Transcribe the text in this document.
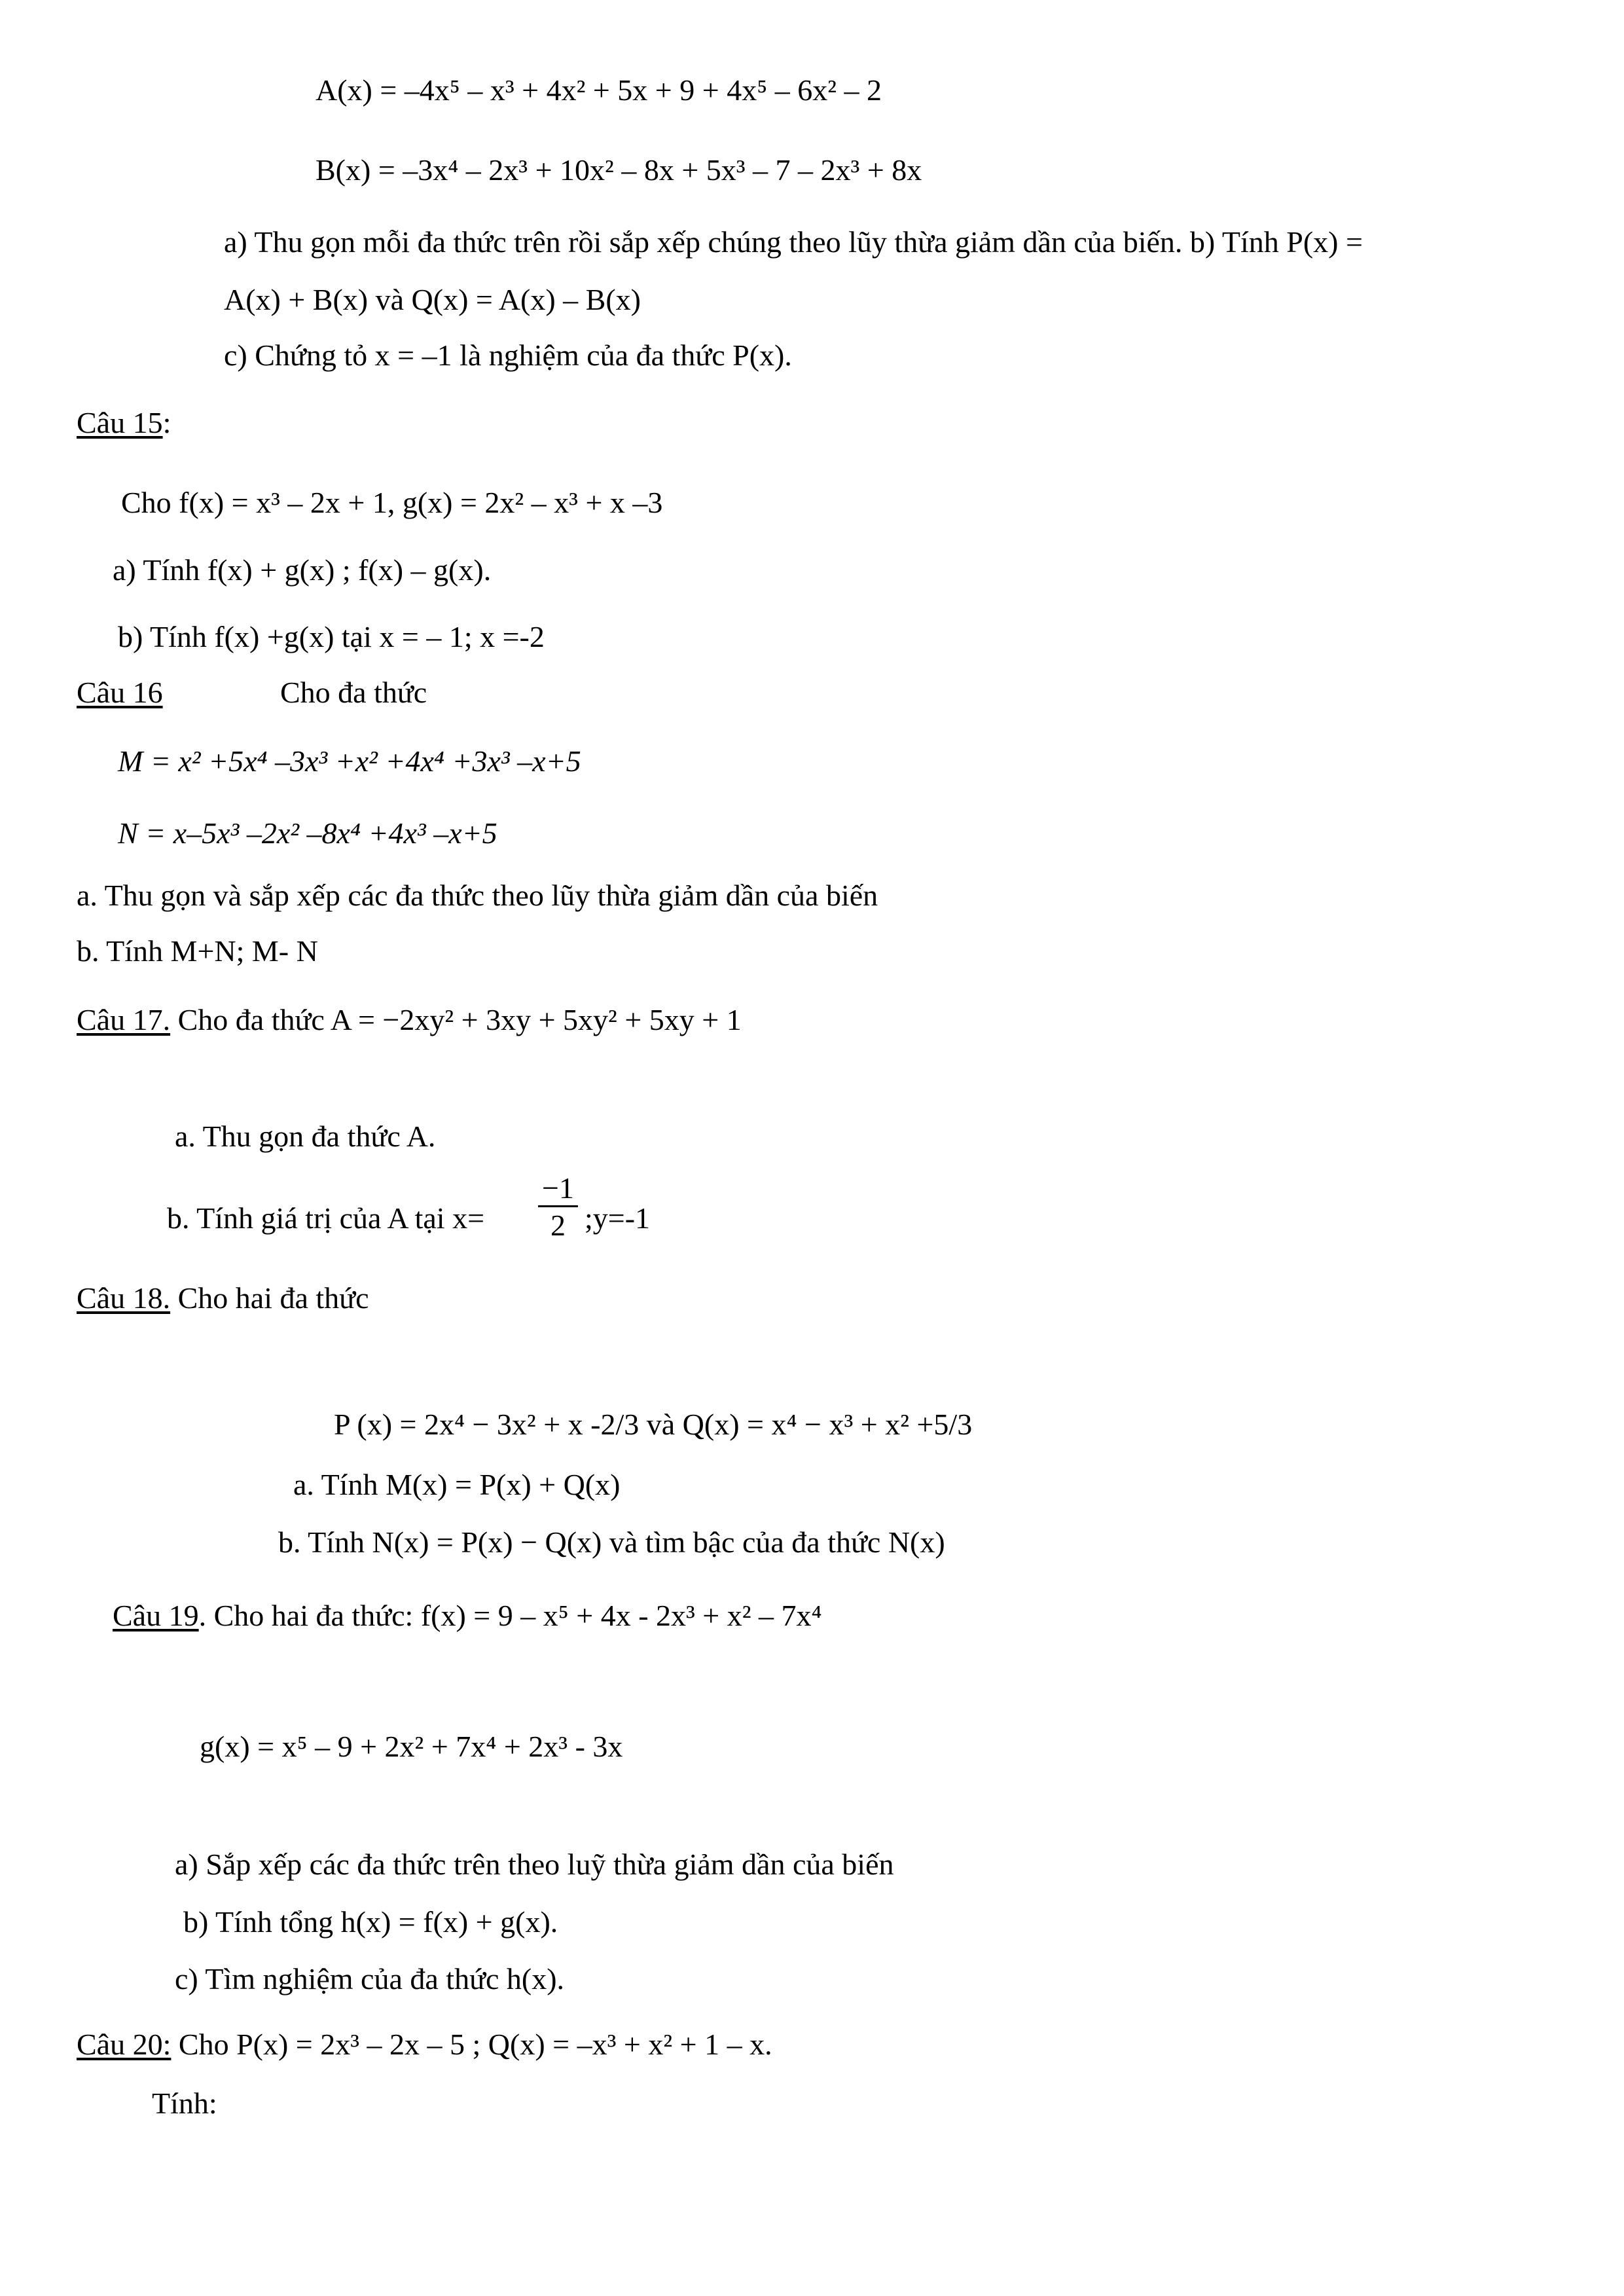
A(x) = –4x⁵ – x³ + 4x² + 5x + 9 + 4x⁵ – 6x² – 2
B(x) = –3x⁴ – 2x³ + 10x² – 8x + 5x³ – 7 – 2x³ + 8x
a) Thu gọn mỗi đa thức trên rồi sắp xếp chúng theo lũy thừa giảm dần của biến. b) Tính P(x) =
A(x) + B(x) và Q(x) = A(x) – B(x)
c) Chứng tỏ x = –1 là nghiệm của đa thức P(x).
Câu 15:
Cho f(x) = x³ – 2x + 1, g(x) = 2x² – x³ + x –3
a) Tính f(x) + g(x) ; f(x) – g(x).
b) Tính f(x) +g(x) tại x = – 1; x =-2
Câu 16	Cho đa thức
M = x² +5x⁴ –3x³ +x² +4x⁴ +3x³ –x+5
N = x–5x³ –2x² –8x⁴ +4x³ –x+5
a. Thu gọn và sắp xếp các đa thức theo lũy thừa giảm dần của biến
b. Tính M+N; M- N
Câu 17. Cho đa thức A = −2xy² + 3xy + 5xy² + 5xy + 1
a. Thu gọn đa thức A.
b. Tính giá trị của A tại $x= \frac{-1}{2}$ ;y=-1
Câu 18. Cho hai đa thức
P (x) = 2x⁴ − 3x² + x -2/3 và Q(x) = x⁴ − x³ + x² +5/3
a. Tính M(x) = P(x) + Q(x)
b. Tính N(x) = P(x) − Q(x) và tìm bậc của đa thức N(x)
Câu 19. Cho hai đa thức: f(x) = 9 – x⁵ + 4x - 2x³ + x² – 7x⁴
g(x) = x⁵ – 9 + 2x² + 7x⁴ + 2x³ - 3x
a) Sắp xếp các đa thức trên theo luỹ thừa giảm dần của biến
b) Tính tổng h(x) = f(x) + g(x).
c) Tìm nghiệm của đa thức h(x).
Câu 20: Cho P(x) = 2x³ – 2x – 5 ; Q(x) = –x³ + x² + 1 – x.
Tính:
